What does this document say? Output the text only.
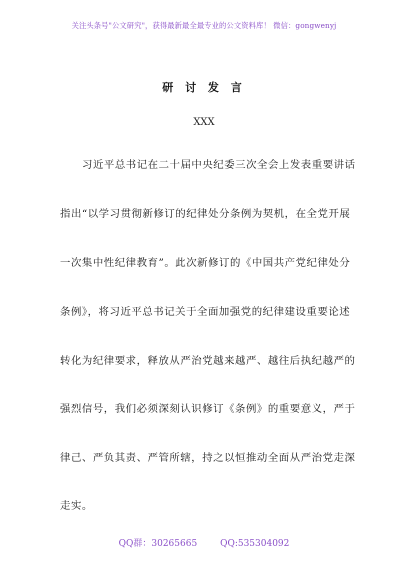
关注头条号"公文研究"，获得最新最全最专业的公文资料库！ 微信：gongwenyj
研 讨 发 言
XXX
习近平总书记在二十届中央纪委三次全会上发表重要讲话
指出“以学习贯彻新修订的纪律处分条例为契机，在全党开展
一次集中性纪律教育”。此次新修订的《中国共产党纪律处分
条例》，将习近平总书记关于全面加强党的纪律建设重要论述
转化为纪律要求，释放从严治党越来越严、越往后执纪越严的
强烈信号，我们必须深刻认识修订《条例》的重要意义，严于
律己、严负其责、严管所辖，持之以恒推动全面从严治党走深
走实。
QQ群：30265665	QQ:535304092
